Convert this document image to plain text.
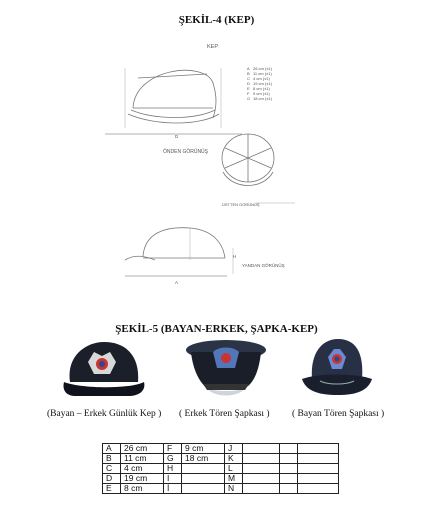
ŞEKİL-4 (KEP)
KEP
D
ÖNDEN GÖRÜNÜŞ
A 26 cm (±1)
B 11 cm (±1)
C 4 cm (±1)
D 19 cm (±1)
E 8 cm (±1)
F 9 cm (±1)
G 18 cm (±1)
ÜSTTEN GÖRÜNÜŞ
H
A
YANDAN GÖRÜNÜŞ
ŞEKİL-5 (BAYAN-ERKEK, ŞAPKA-KEP)
(Bayan – Erkek Günlük Kep ) ( Erkek Tören Şapkası ) ( Bayan Tören Şapkası )
A	26 cm	F	9 cm	J			
B	11 cm	G	18 cm	K			
C	4 cm	H		L			
D	19 cm	I		M			
E	8 cm	İ		N			
